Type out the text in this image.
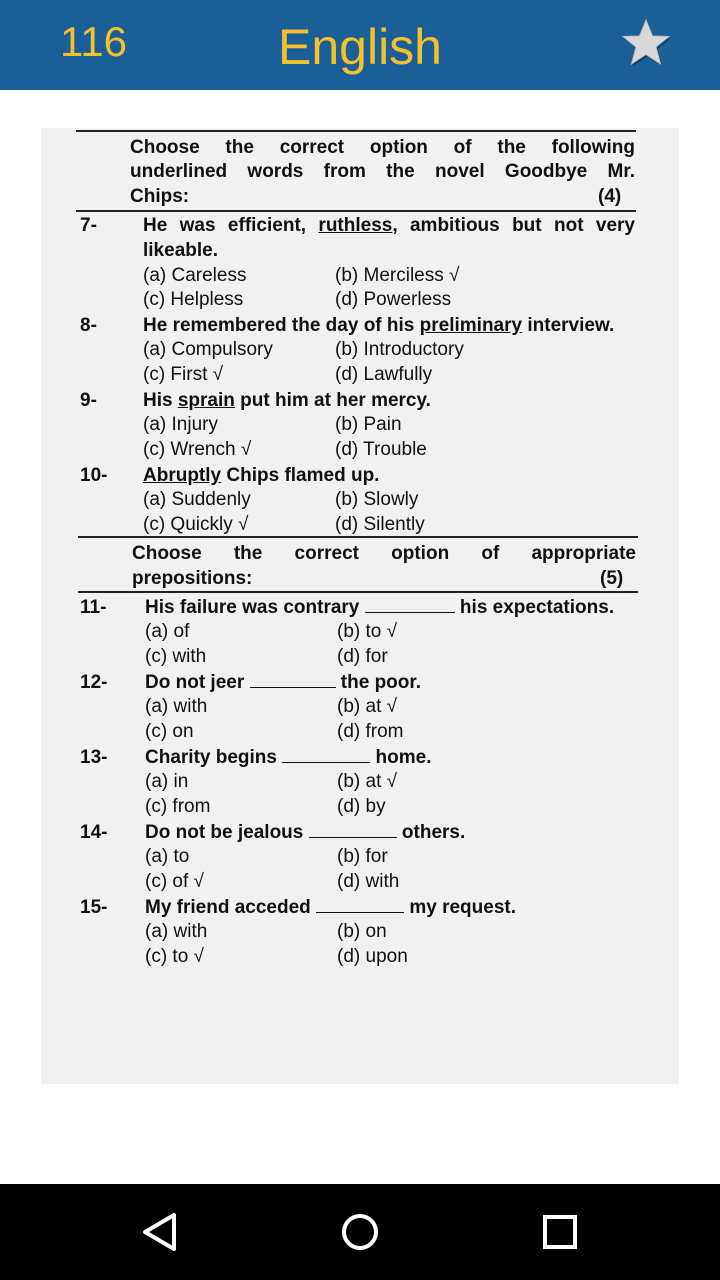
116	English
Choose the correct option of the following
underlined words from the novel Goodbye Mr.
Chips:	(4)
7- He was efficient, ruthless, ambitious but not very
likeable.
(a) Careless	(b) Merciless √
(c) Helpless	(d) Powerless
8- He remembered the day of his preliminary interview.
(a) Compulsory	(b) Introductory
(c) First √	(d) Lawfully
9- His sprain put him at her mercy.
(a) Injury	(b) Pain
(c) Wrench √	(d) Trouble
10- Abruptly Chips flamed up.
(a) Suddenly	(b) Slowly
(c) Quickly √	(d) Silently
Choose the correct option of appropriate
prepositions:	(5)
11- His failure was contrary	his expectations.
(a) of	(b) to √
(c) with	(d) for
12- Do not jeer	the poor.
(a) with	(b) at √
(c) on	(d) from
13- Charity begins	home.
(a) in	(b) at √
(c) from	(d) by
14- Do not be jealous	others.
(a) to	(b) for
(c) of √	(d) with
15- My friend acceded	my request.
(a) with	(b) on
(c) to √	(d) upon
